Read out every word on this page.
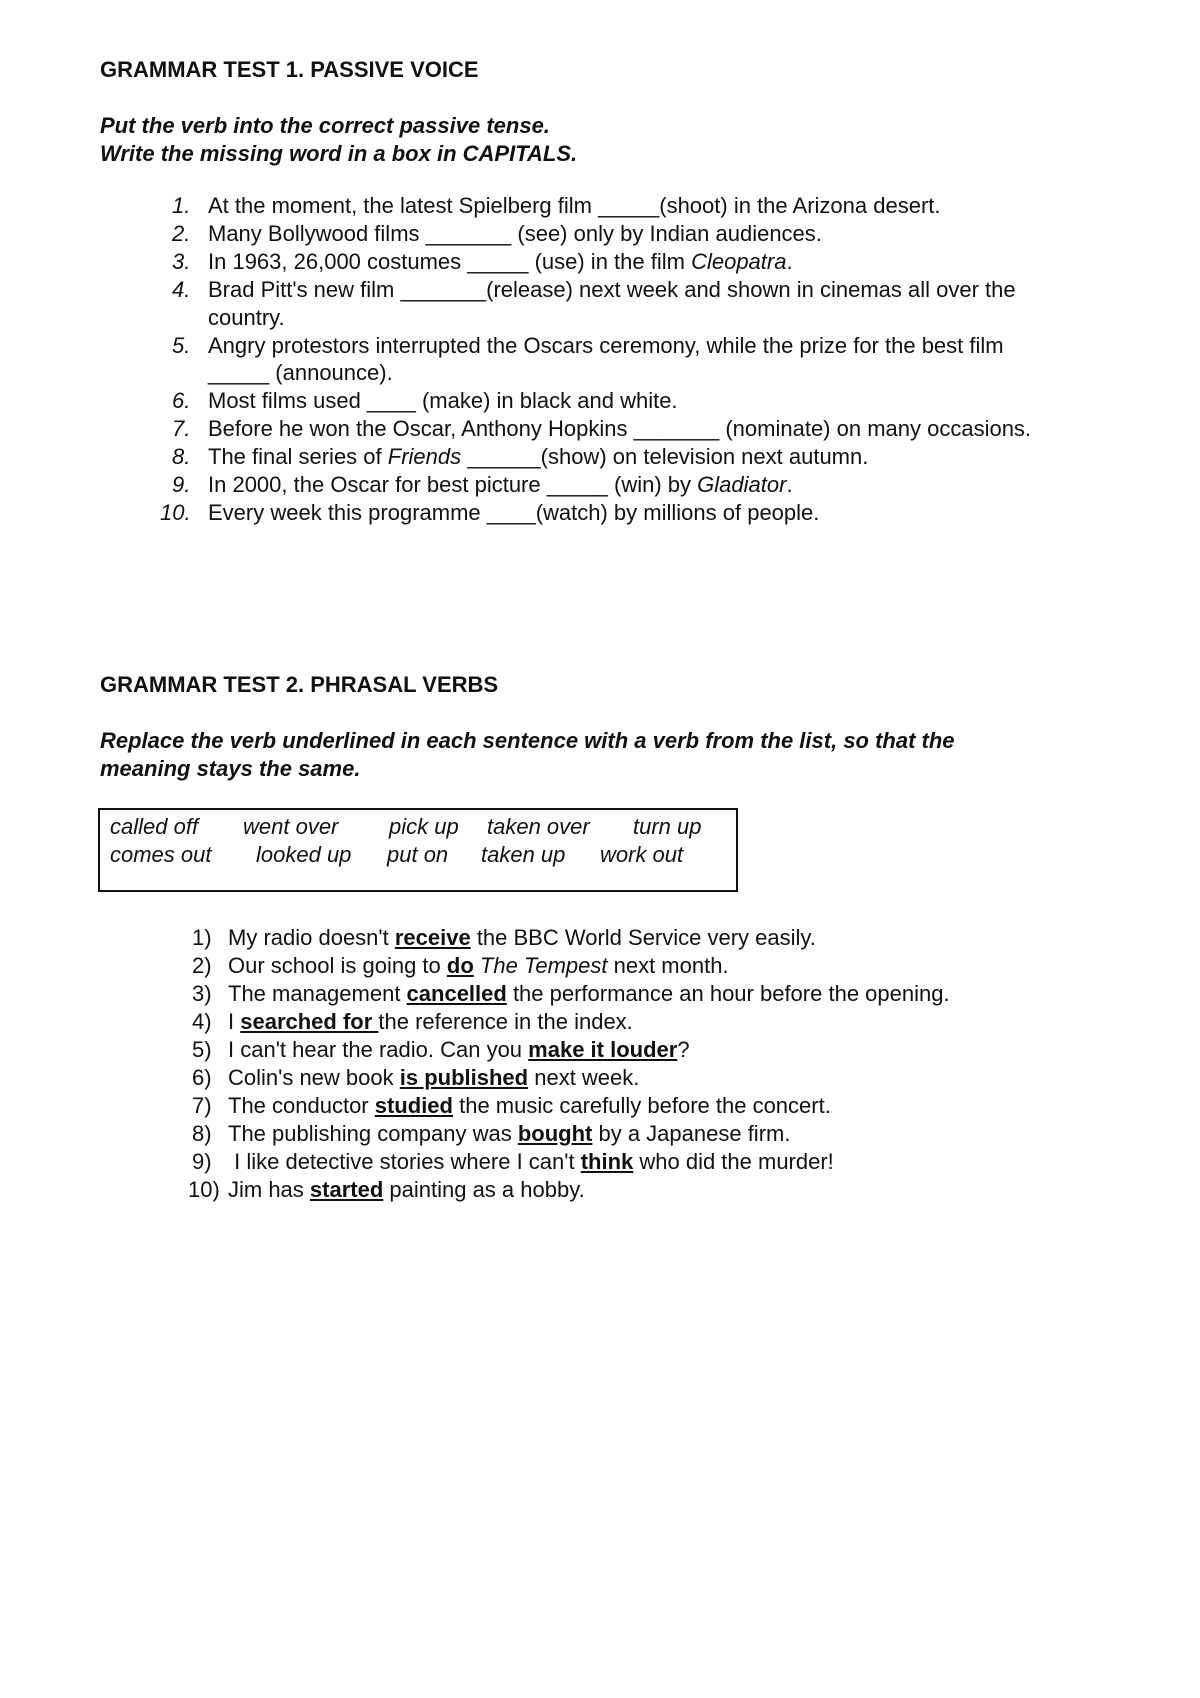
GRAMMAR TEST 1. PASSIVE VOICE
Put the verb into the correct passive tense.
Write the missing word in a box in CAPITALS.
1. At the moment, the latest Spielberg film _____(shoot) in the Arizona desert.
2. Many Bollywood films _______ (see) only by Indian audiences.
3. In 1963, 26,000 costumes _____ (use) in the film Cleopatra.
4. Brad Pitt's new film _______(release) next week and shown in cinemas all over the
country.
5. Angry protestors interrupted the Oscars ceremony, while the prize for the best film
_____ (announce).
6. Most films used ____ (make) in black and white.
7. Before he won the Oscar, Anthony Hopkins _______ (nominate) on many occasions.
8. The final series of Friends ______(show) on television next autumn.
9. In 2000, the Oscar for best picture _____ (win) by Gladiator.
10. Every week this programme ____(watch) by millions of people.
GRAMMAR TEST 2. PHRASAL VERBS
Replace the verb underlined in each sentence with a verb from the list, so that the
meaning stays the same.
called off went over pick up taken over turn up
comes out looked up put on taken up work out
1) My radio doesn't receive the BBC World Service very easily.
2) Our school is going to do The Tempest next month.
3) The management cancelled the performance an hour before the opening.
4) I searched for the reference in the index.
5) I can't hear the radio. Can you make it louder?
6) Colin's new book is published next week.
7) The conductor studied the music carefully before the concert.
8) The publishing company was bought by a Japanese firm.
9) I like detective stories where I can't think who did the murder!
10) Jim has started painting as a hobby.
